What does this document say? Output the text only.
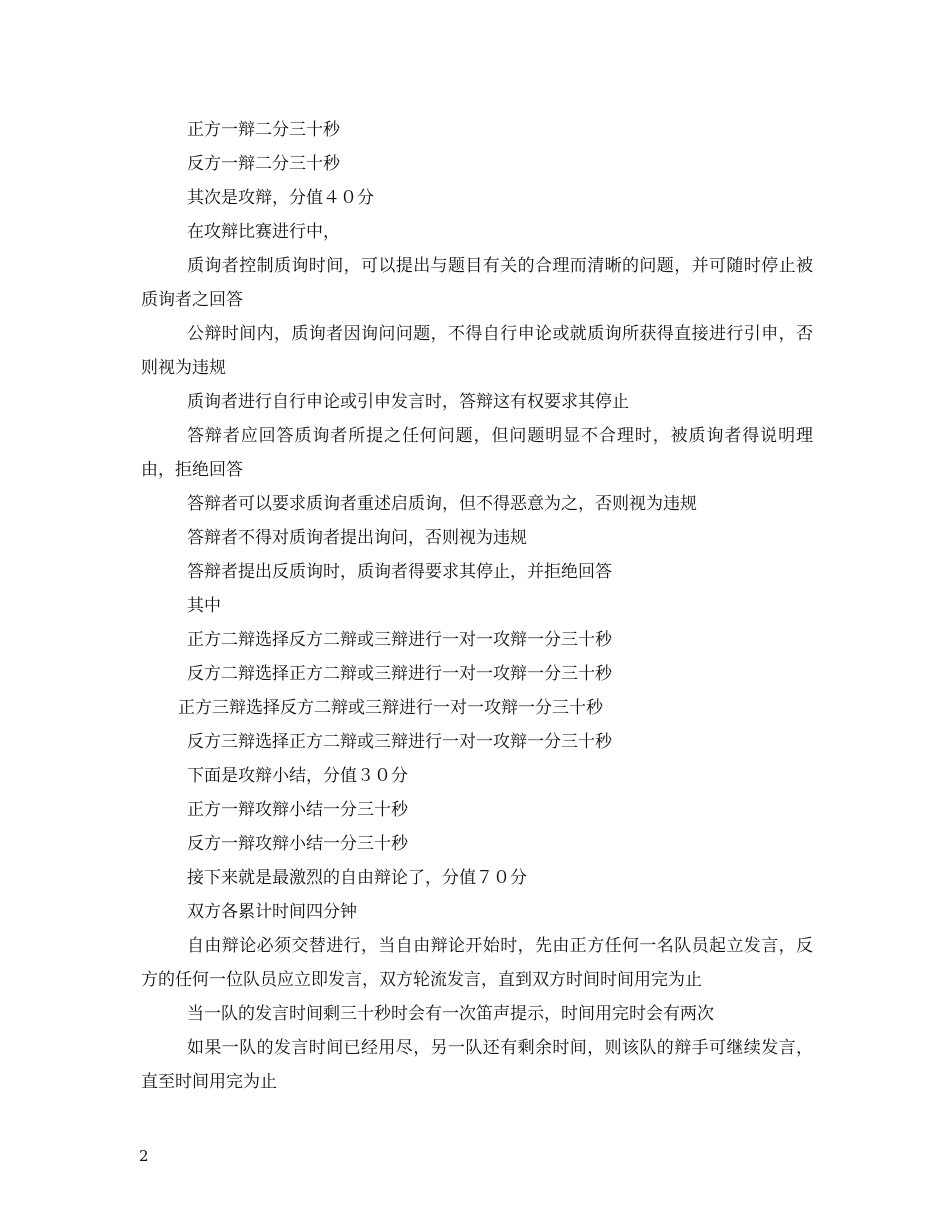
正方一辩二分三十秒

反方一辩二分三十秒

其次是攻辩，分值４０分

在攻辩比赛进行中，

质询者控制质询时间，可以提出与题目有关的合理而清晰的问题，并可随时停止被质询者之回答

公辩时间内，质询者因询问问题，不得自行申论或就质询所获得直接进行引申，否则视为违规

质询者进行自行申论或引申发言时，答辩这有权要求其停止

答辩者应回答质询者所提之任何问题，但问题明显不合理时，被质询者得说明理由，拒绝回答

答辩者可以要求质询者重述启质询，但不得恶意为之，否则视为违规

答辩者不得对质询者提出询问，否则视为违规

答辩者提出反质询时，质询者得要求其停止，并拒绝回答

其中

正方二辩选择反方二辩或三辩进行一对一攻辩一分三十秒

反方二辩选择正方二辩或三辩进行一对一攻辩一分三十秒

正方三辩选择反方二辩或三辩进行一对一攻辩一分三十秒

反方三辩选择正方二辩或三辩进行一对一攻辩一分三十秒

下面是攻辩小结，分值３０分

正方一辩攻辩小结一分三十秒

反方一辩攻辩小结一分三十秒

接下来就是最激烈的自由辩论了，分值７０分

双方各累计时间四分钟

自由辩论必须交替进行，当自由辩论开始时，先由正方任何一名队员起立发言，反方的任何一位队员应立即发言，双方轮流发言，直到双方时间时间用完为止

当一队的发言时间剩三十秒时会有一次笛声提示，时间用完时会有两次

如果一队的发言时间已经用尽，另一队还有剩余时间，则该队的辩手可继续发言，直至时间用完为止

2
